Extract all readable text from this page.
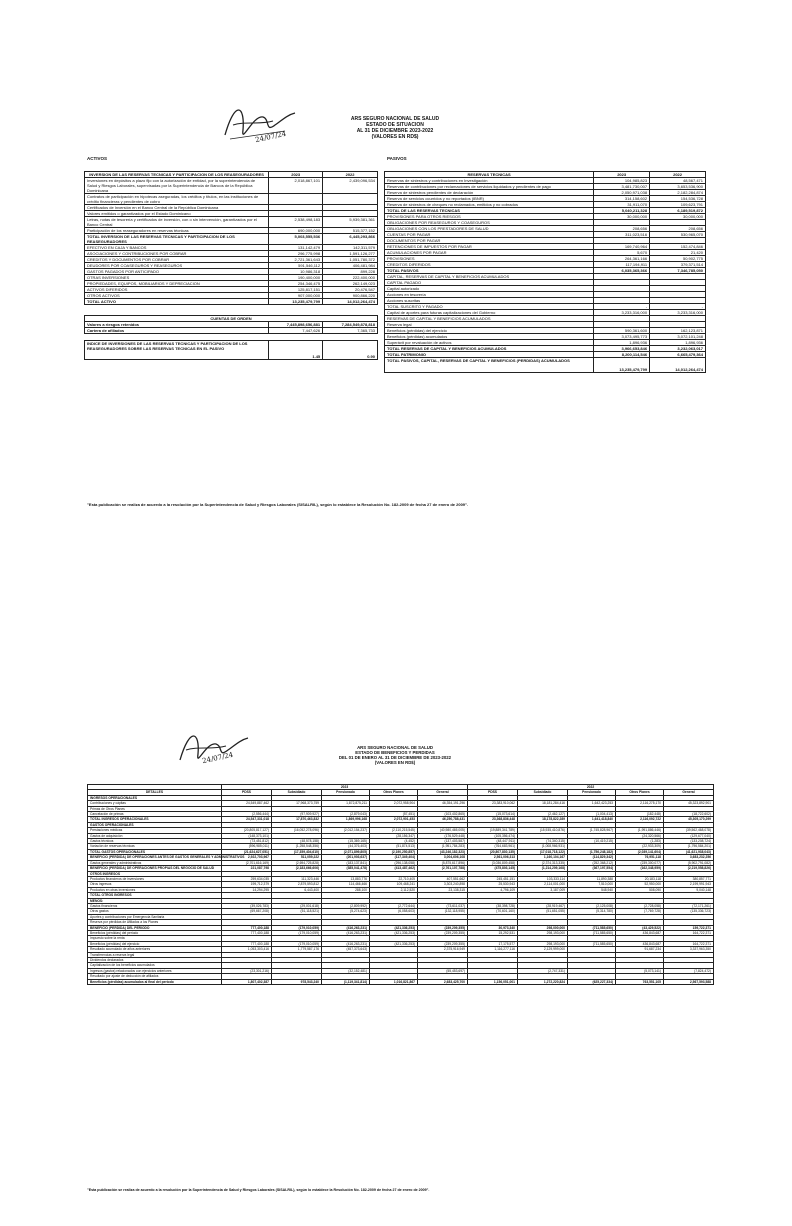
24/07/24
ARS SEGURO NACIONAL DE SALUD
ESTADO DE SITUACION
AL 31 DE DICIEMBRE 2023-2022
(VALORES EN RD$)
ACTIVOS	PASIVOS
INVERSION DE LAS RESERVAS TECNICAS Y PARTICIPACION DE LOS REASEGURADORES	2023	2022
Inversiones en depósitos a plazo fijo con la autorización de entidad, por la superintendencia de Salud y Riesgos Laborales, supervisadas por la Superintendencia de Bancos de la República Dominicana	2,018,867,101	2,439,096,534
Contratos de participación en hipotecas aseguradas, los créditos y títulos, en las instituciones de crédito financieras y pendientes de cobro		
Certificados de Inversión en el Banco Central de la República Dominicana		
Valores emitidos o garantizados por el Estado Dominicano		
Letras, notas de tesorería y certificados de inversión, con o sin intervención, garantizados por el Banco Central	2,538,498,183	5,939,381,361
Participación de los reaseguradores en reservas técnicas	690,000,000	515,377,152
TOTAL INVERSION DE LAS RESERVAS TECNICAS Y PARTICIPACION DE LOS REASEGURADORES	5,003,555,536	6,445,293,866
EFECTIVO EN CAJA Y BANCOS	131,142,479	142,311,579
ASOCIACIONES Y CONTRIBUCIONES POR COBRAR	296,775,998	1,591,126,277
CREDITOS Y DOCUMENTOS POR COBRAR	2,721,361,643	1,051,780,372
DEUDORES POR COASEGUROS Y REASEGUROS	591,546,112	406,481,984
GASTOS PAGADOS POR ANTICIPADO	10,986,318	899,228
OTRAS INVERSIONES	190,400,000	222,400,000
PROPIEDADES, EQUIPOS, MOBILIARIOS Y DEPRECIACION	254,346,475	262,149,023
ACTIVOS DIFERIDOS	125,817,151	20,476,547
OTROS ACTIVOS	907,000,000	900,866,220
TOTAL ACTIVO	13,235,479,799	14,012,264,474
CUENTAS DE ORDEN		
Valores a riesgos retenidos	7,445,898,656,881	7,284,549,878,818
Cartera de afiliados	7,447,626	7,365,733
INDICE DE INVERSIONES DE LAS RESERVAS TECNICAS Y PARTICIPACION DE LOS REASEGURADORES SOBRE LAS RESERVAS TECNICAS EN EL PASIVO	1.45	0.90
RESERVAS TECNICAS	2023	2022
Reservas de siniestros y contribuciones en Investigación	104,985,823	48,567,471
Reservas de contribuciones por reclamaciones de servicios liquidados y pendientes de pago	3,481,730,007	3,653,536,900
Reserva de siniestros pendientes de declaración	2,050,971,038	2,182,284,874
Reserva de servicios ocurridos y no reportados (IBNR)	314,158,602	154,536,728
Reserva de siniestros de cheques no reclamados, emitidos y no cobrados	31,911,070	109,623,791
TOTAL DE LAS RESERVAS TECNICAS	5,040,211,328	6,189,519,872
PROVISIONES PARA OTROS RIESGOS	30,000,000	30,000,000
OBLIGACIONES POR REASEGUROS Y COASEGUROS		
OBLIGACIONES CON LOS PRESTADORES DE SALUD	208,656	208,656
CUENTAS POR PAGAR	311,023,516	530,965,070
DOCUMENTOS POR PAGAR		
RETENCIONES DE IMPUESTOS POR PAGAR	169,740,964	152,474,846
ACUMULACIONES POR PAGAR	5,670	21,420
PROVISIONES	264,361,166	50,902,775
CREDITOS DIFERIDOS	117,194,911	379,371,514
TOTAL PASIVOS	6,035,365,366	7,346,785,050
CAPITAL, RESERVAS DE CAPITAL Y BENEFICIOS ACUMULADOS		
CAPITAL PAGADO		
Capital autorizado		
Acciones en tesorería		
Acciones suscritas		
TOTAL SUSCRITO Y PAGADO	-	-
Capital de aportes para futuras capitalizaciones del Gobierno	3,233,316,000	3,233,316,000
RESERVAS DE CAPITAL Y BENEFICIOS ACUMULADOS		
Reserva legal		
Beneficios (pérdidas) del ejercicio	590,361,600	162,123,871
Beneficios (pérdidas) acumulados	3,073,495,773	3,072,101,248
Superávit por revaluación de activos	1,896,936	1,896,936
TOTAL RESERVAS DE CAPITAL Y BENEFICIOS ACUMULADOS	3,966,653,846	3,232,063,017
TOTAL PATRIMONIO	8,200,114,546	6,665,479,364
TOTAL PASIVOS, CAPITAL, RESERVAS DE CAPITAL Y BENEFICIOS (PERDIDAS) ACUMULADOS	13,235,479,799	14,012,264,474
"Esta publicación se realiza de acuerdo a la resolución por la Superintendencia de Salud y Riesgos Laborales (SISALRIL), según lo establece la Resolución No. 182-2009 de fecha 27 de enero de 2009".
24/07/24
ARS SEGURO NACIONAL DE SALUD
ESTADO DE BENEFICIOS Y PERDIDAS
DEL 01 DE ENERO AL 31 DE DICIEMBRE DE 2023-2022
(VALORES EN RD$)
	2023					2022				
DETALLES	PDSS	Subsidiado	Pensionado	Otros Planes	General	PDSS	Subsidiado	Pensionado	Otros Planes	General
INGRESOS OPERACIONALES										
Contribuciones y cápitas	24,549,887,462	17,968,373,759	1,872,875,211	2,072,958,904	46,354,191,296	23,383,910,062	18,181,284,416	1,642,423,253	2,116,275,170	45,323,892,901
Primas de Otros Planes										
Cancelación de primas	(2,556,444)	(97,909,927)	(2,879,043)	(57,451)	(103,402,865)	(15,073,614)	(2,462,127)	(1,004,413)	(182,448)	(18,722,602)
TOTAL INGRESOS OPERACIONALES	24,547,331,018	17,870,463,832	1,869,996,168	2,072,901,453	46,250,788,431	23,368,836,448	18,178,822,289	1,641,418,840	2,116,092,722	45,305,170,299
GASTOS OPERACIONALES										
Prestaciones médicas	(20,805,817,127)	(16,052,278,096)	(2,012,154,237)	(2,110,215,545)	(40,980,465,005)	(19,889,341,789)	(15,935,410,876)	(1,745,828,967)	(1,991,886,446)	(39,562,468,078)
Gastos de adquisición	(148,373,101)			(28,156,347)	(176,529,448)	(105,356,474)			(24,320,566)	(129,677,040)
Gastos técnicos	(73,451,812)	(48,578,158)	(15,369,165)	(4,452)	(137,403,587)	(48,447,911)	(74,340,315)	(10,419,215)	(1,283)	(133,208,724)
Variación de reservas técnicas	(596,985,011)	(1,258,548,356)	(44,376,403)	(51,874,513)	(1,951,784,283)	(764,683,961)	(1,008,966,931)		(22,933,309)	(1,796,584,201)
TOTAL GASTOS OPERACIONALES	(21,624,627,051)	(17,359,404,610)	(2,071,899,805)	(2,190,250,857)	(43,246,182,323)	(20,807,830,135)	(17,018,718,122)	(1,756,248,182)	(2,039,141,604)	(41,621,938,043)
BENEFICIO (PERDIDA) DE OPERACIONES ANTES DE GASTOS GENERALES Y ADMINISTRATIVOS	2,922,703,967	511,059,222	(201,903,637)	(117,349,404)	3,004,606,108	2,561,006,313	1,160,104,167	(114,829,342)	76,951,118	3,683,232,256
Gastos generales y administrativos	(2,701,616,169)	(2,694,725,828)	(183,137,841)	(296,138,058)	(5,875,617,896)	(3,036,809,458)	(2,374,313,335)	(252,368,212)	(239,300,077)	(5,902,791,082)
BENEFICIO (PERDIDA) DE OPERACIONES PROPIAS DEL NEGOCIO DE SALUD	221,087,798	(2,183,666,606)	(385,041,478)	(413,487,462)	(2,761,107,788)	(475,803,145)	(1,214,209,168)	(367,197,554)	(162,348,959)	(2,219,558,826)
OTROS INGRESOS										
Productos financieros de inversiones	259,634,035	111,323,446	13,883,776	22,710,405	407,551,662	245,451,151	103,333,114	11,890,388	20,183,118	380,857,771
Otros ingresos	199,712,379	2,879,593,812	114,466,466	109,468,241	3,303,240,898	25,530,943	2,114,001,000	7,510,000	52,950,000	2,199,991,943
Productos en otras inversiones	14,294,295	6,443,400	288,100	2,112,520	23,138,315	4,796,109	3,187,009	548,940	508,090	9,040,148
TOTAL OTROS INGRESOS										
MENOS:										
Gastos financieros	(39,026,783)	(29,001,618)	(2,809,992)	(2,772,644)	(73,611,037)	(38,398,728)	(28,919,467)	(2,125,008)	(2,728,058)	(72,171,261)
Otros gastos	(69,667,208)	(51,118,521)	(5,274,623)	(6,058,603)	(132,118,955)	(70,601,160)	(51,651,055)	(5,314,780)	(7,769,728)	(135,336,723)
Aportes y contribuciones por Emergencia Sanitaria										
Reserva por pérdidas de Afiliados a los Planes										
BENEFICIO (PERDIDA) DEL PERIODO	777,400,188	(179,010,059)	(416,263,231)	(421,336,253)	(239,209,355)	30,973,340	298,000,000	(711,585,650)	(43,429,522)	159,722,371
Beneficios (pérdidas) del periodo	777,400,188	(179,010,059)	(416,263,231)	(421,336,253)	(239,209,355)	15,292,531	298,193,000	(711,585,650)	436,843,687	164,722,371
Impuesto sobre la renta										
Beneficios (pérdidas) del ejercicio	777,400,188	(179,010,059)	(416,263,231)	(421,336,253)	(239,209,355)	17,175,577	298,193,000	(711,585,650)	436,843,687	164,722,371
Resultado acumulado de años anteriores	1,053,303,416	1,779,587,176	(457,373,643)		2,375,916,949	1,116,277,116	2,129,999,000		91,687,234	3,337,963,350
Transferencias a reserva legal										
Dividendos declarados										
Capitalización de los beneficios acumulados										
Ingresos (gastos) relacionados con ejercicios anteriores	(23,301,216)		(32,152,481)		(55,453,697)		(2,747,331)		(5,073,141)	(7,824,472)
Resultado por ajuste de deducción de afiliados										
Beneficios (pérdidas) acumulados al final del periodo	1,807,402,387	978,543,240	(1,119,341,814)	1,016,821,867	2,683,425,700	1,156,051,001	1,272,220,824	(625,227,334)	763,551,105	2,567,593,588
"Esta publicación se realiza de acuerdo a la resolución por la Superintendencia de Salud y Riesgos Laborales (SISALRIL), según lo establece la Resolución No. 182-2009 de fecha 27 de enero de 2009".
